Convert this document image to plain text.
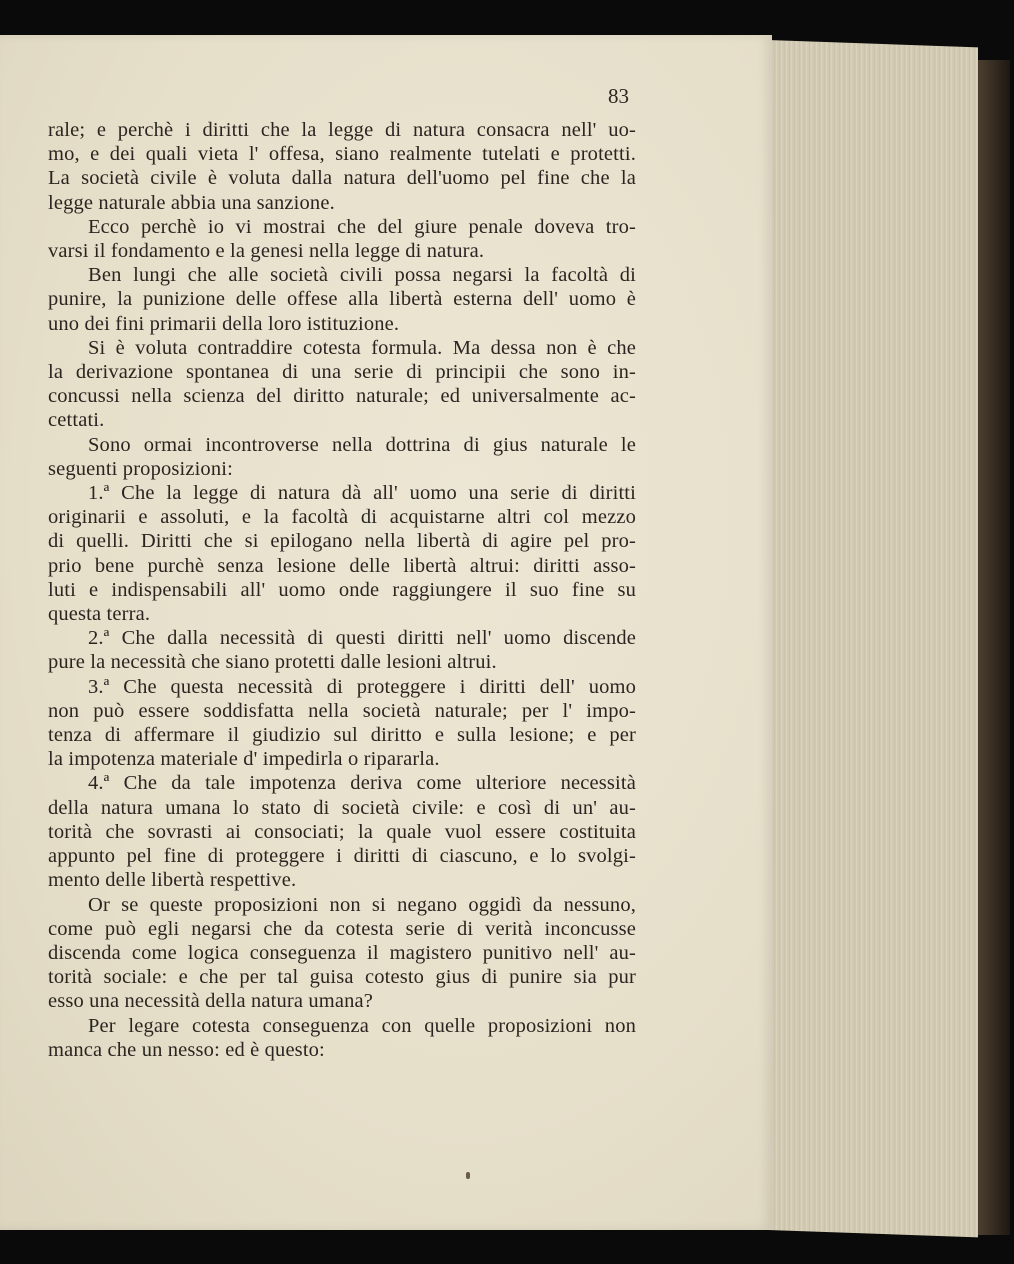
83
rale; e perchè i diritti che la legge di natura consacra nell' uo-
mo, e dei quali vieta l' offesa, siano realmente tutelati e protetti.
La società civile è voluta dalla natura dell'uomo pel fine che la
legge naturale abbia una sanzione.
Ecco perchè io vi mostrai che del giure penale doveva tro-
varsi il fondamento e la genesi nella legge di natura.
Ben lungi che alle società civili possa negarsi la facoltà di
punire, la punizione delle offese alla libertà esterna dell' uomo è
uno dei fini primarii della loro istituzione.
Si è voluta contraddire cotesta formula. Ma dessa non è che
la derivazione spontanea di una serie di principii che sono in-
concussi nella scienza del diritto naturale; ed universalmente ac-
cettati.
Sono ormai incontroverse nella dottrina di gius naturale le
seguenti proposizioni:
1.ª Che la legge di natura dà all' uomo una serie di diritti
originarii e assoluti, e la facoltà di acquistarne altri col mezzo
di quelli. Diritti che si epilogano nella libertà di agire pel pro-
prio bene purchè senza lesione delle libertà altrui: diritti asso-
luti e indispensabili all' uomo onde raggiungere il suo fine su
questa terra.
2.ª Che dalla necessità di questi diritti nell' uomo discende
pure la necessità che siano protetti dalle lesioni altrui.
3.ª Che questa necessità di proteggere i diritti dell' uomo
non può essere soddisfatta nella società naturale; per l' impo-
tenza di affermare il giudizio sul diritto e sulla lesione; e per
la impotenza materiale d' impedirla o ripararla.
4.ª Che da tale impotenza deriva come ulteriore necessità
della natura umana lo stato di società civile: e così di un' au-
torità che sovrasti ai consociati; la quale vuol essere costituita
appunto pel fine di proteggere i diritti di ciascuno, e lo svolgi-
mento delle libertà respettive.
Or se queste proposizioni non si negano oggidì da nessuno,
come può egli negarsi che da cotesta serie di verità inconcusse
discenda come logica conseguenza il magistero punitivo nell' au-
torità sociale: e che per tal guisa cotesto gius di punire sia pur
esso una necessità della natura umana?
Per legare cotesta conseguenza con quelle proposizioni non
manca che un nesso: ed è questo:
